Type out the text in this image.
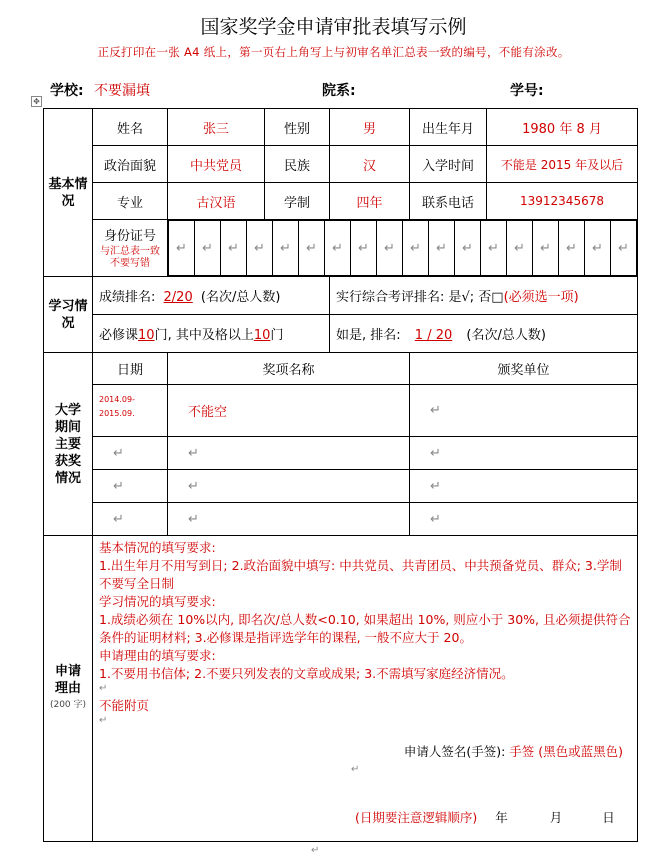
国家奖学金申请审批表填写示例
正反打印在一张 A4 纸上，第一页右上角写上与初审名单汇总表一致的编号，不能有涂改。
学校: 不要漏填	院系:	学号:
✥
基本情况	姓名	张三	性别	男	出生年月	1980 年 8 月
政治面貌	中共党员	民族	汉	入学时间	不能是 2015 年及以后
专业	古汉语	学制	四年	联系电话	13912345678

身份证号
与汇总表一致不要写错

↵	↵	↵	↵	↵	↵	↵	↵	↵	↵	↵	↵	↵	↵	↵	↵	↵	↵

学习情况	成绩排名: 2/20 (名次/总人数)	实行综合考评排名: 是√; 否□(必须选一项)
必修课10门, 其中及格以上10门	如是, 排名: 1 / 20 (名次/总人数)

大学期间主要获奖情况
	日期	奖项名称	颁奖单位
2014.09-2015.09.	不能空	↵
↵	↵	↵
↵	↵	↵
↵	↵	↵

申请理由
(200 字)

基本情况的填写要求:
1.出生年月不用写到日; 2.政治面貌中填写: 中共党员、共青团员、中共预备党员、群众; 3.学制不要写全日制
学习情况的填写要求:
1.成绩必须在 10%以内, 即名次/总人数<0.10, 如果超出 10%, 则应小于 30%, 且必须提供符合条件的证明材料; 3.必修课是指评选学年的课程, 一般不应大于 20。
申请理由的填写要求:
1.不要用书信体; 2.不要只列发表的文章或成果; 3.不需填写家庭经济情况。
↵
不能附页
↵
申请人签名(手签): 手签 (黑色或蓝黑色)
↵
(日期要注意逻辑顺序) 年	月	日
↵
